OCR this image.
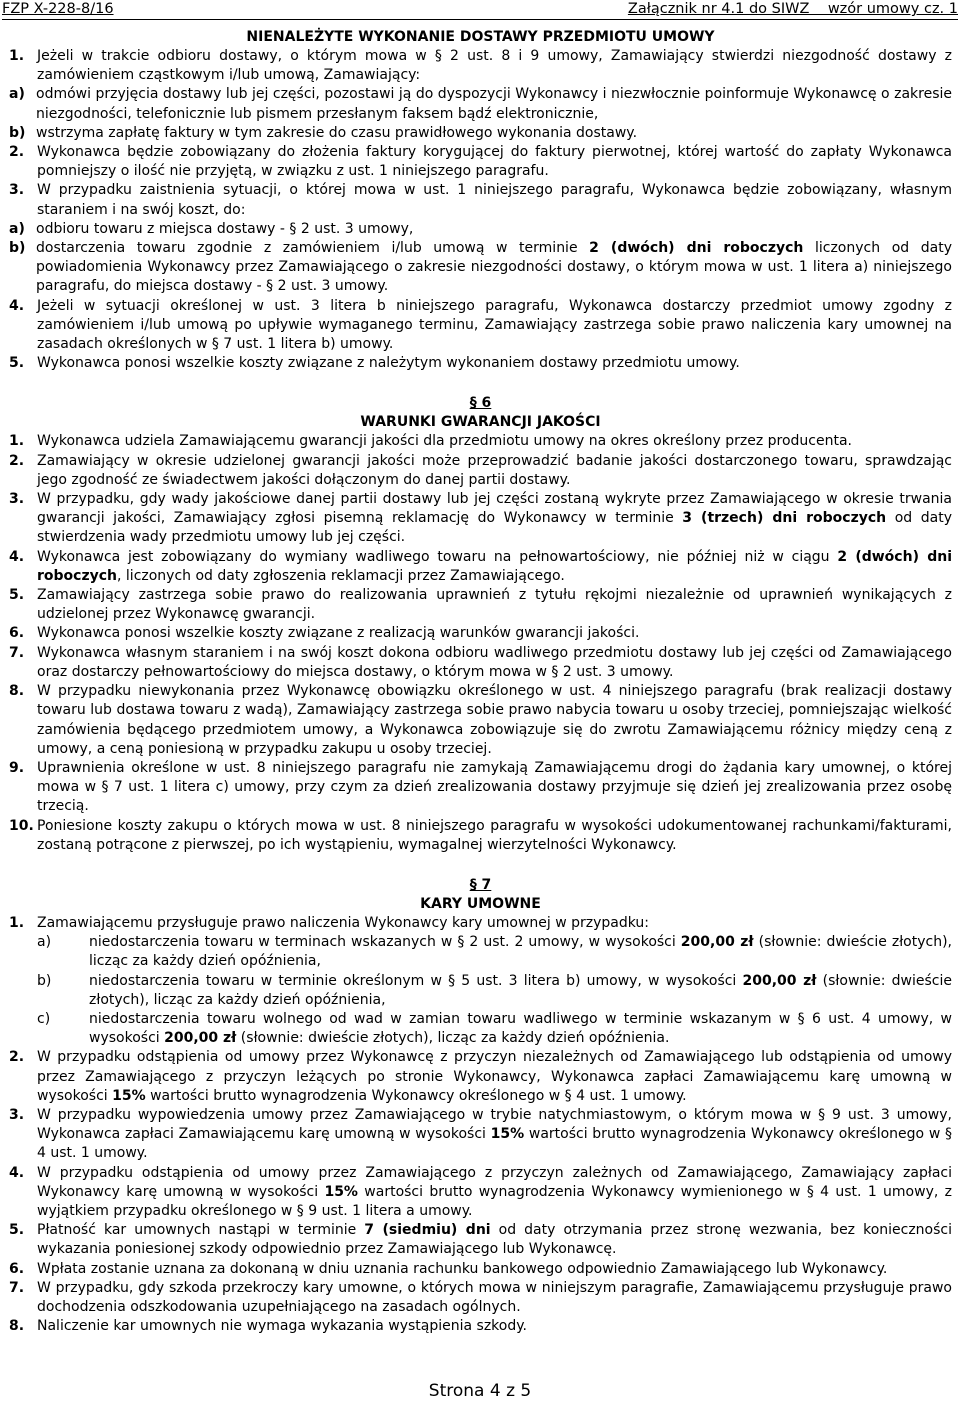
FZP X-228-8/16	Załącznik nr 4.1 do SIWZ    wzór umowy cz. 1
NIENALEŻYTE WYKONANIE DOSTAWY PRZEDMIOTU UMOWY
1. Jeżeli w trakcie odbioru dostawy, o którym mowa w § 2 ust. 8 i 9 umowy, Zamawiający stwierdzi niezgodność dostawy z zamówieniem cząstkowym i/lub umową, Zamawiający:
a) odmówi przyjęcia dostawy lub jej części, pozostawi ją do dyspozycji Wykonawcy i niezwłocznie poinformuje Wykonawcę o zakresie niezgodności, telefonicznie lub pismem przesłanym faksem bądź elektronicznie,
b) wstrzyma zapłatę faktury w tym zakresie do czasu prawidłowego wykonania dostawy.
2. Wykonawca będzie zobowiązany do złożenia faktury korygującej do faktury pierwotnej, której wartość do zapłaty Wykonawca pomniejszy o ilość nie przyjętą, w związku z ust. 1 niniejszego paragrafu.
3. W przypadku zaistnienia sytuacji, o której mowa w ust. 1 niniejszego paragrafu, Wykonawca będzie zobowiązany, własnym staraniem i na swój koszt, do:
a) odbioru towaru z miejsca dostawy - § 2 ust. 3 umowy,
b) dostarczenia towaru zgodnie z zamówieniem i/lub umową w terminie 2 (dwóch) dni roboczych liczonych od daty powiadomienia Wykonawcy przez Zamawiającego o zakresie niezgodności dostawy, o którym mowa w ust. 1 litera a) niniejszego paragrafu, do miejsca dostawy - § 2 ust. 3 umowy.
4. Jeżeli w sytuacji określonej w ust. 3 litera b niniejszego paragrafu, Wykonawca dostarczy przedmiot umowy zgodny z zamówieniem i/lub umową po upływie wymaganego terminu, Zamawiający zastrzega sobie prawo naliczenia kary umownej na zasadach określonych w § 7 ust. 1 litera b) umowy.
5. Wykonawca ponosi wszelkie koszty związane z należytym wykonaniem dostawy przedmiotu umowy.
§ 6
WARUNKI GWARANCJI JAKOŚCI
1. Wykonawca udziela Zamawiającemu gwarancji jakości dla przedmiotu umowy na okres określony przez producenta.
2. Zamawiający w okresie udzielonej gwarancji jakości może przeprowadzić badanie jakości dostarczonego towaru, sprawdzając jego zgodność ze świadectwem jakości dołączonym do danej partii dostawy.
3. W przypadku, gdy wady jakościowe danej partii dostawy lub jej części zostaną wykryte przez Zamawiającego w okresie trwania gwarancji jakości, Zamawiający zgłosi pisemną reklamację do Wykonawcy w terminie 3 (trzech) dni roboczych od daty stwierdzenia wady przedmiotu umowy lub jej części.
4. Wykonawca jest zobowiązany do wymiany wadliwego towaru na pełnowartościowy, nie później niż w ciągu 2 (dwóch) dni roboczych, liczonych od daty zgłoszenia reklamacji przez Zamawiającego.
5. Zamawiający zastrzega sobie prawo do realizowania uprawnień z tytułu rękojmi niezależnie od uprawnień wynikających z udzielonej przez Wykonawcę gwarancji.
6. Wykonawca ponosi wszelkie koszty związane z realizacją warunków gwarancji jakości.
7. Wykonawca własnym staraniem i na swój koszt dokona odbioru wadliwego przedmiotu dostawy lub jej części od Zamawiającego oraz dostarczy pełnowartościowy do miejsca dostawy, o którym mowa w § 2 ust. 3 umowy.
8. W przypadku niewykonania przez Wykonawcę obowiązku określonego w ust. 4 niniejszego paragrafu (brak realizacji dostawy towaru lub dostawa towaru z wadą), Zamawiający zastrzega sobie prawo nabycia towaru u osoby trzeciej, pomniejszając wielkość zamówienia będącego przedmiotem umowy, a Wykonawca zobowiązuje się do zwrotu Zamawiającemu różnicy między ceną z umowy, a ceną poniesioną w przypadku zakupu u osoby trzeciej.
9. Uprawnienia określone w ust. 8 niniejszego paragrafu nie zamykają Zamawiającemu drogi do żądania kary umownej, o której mowa w § 7 ust. 1 litera c) umowy, przy czym za dzień zrealizowania dostawy przyjmuje się dzień jej zrealizowania przez osobę trzecią.
10. Poniesione koszty zakupu o których mowa w ust. 8 niniejszego paragrafu w wysokości udokumentowanej rachunkami/fakturami, zostaną potrącone z pierwszej, po ich wystąpieniu, wymagalnej wierzytelności Wykonawcy.
§ 7
KARY UMOWNE
1. Zamawiającemu przysługuje prawo naliczenia Wykonawcy kary umownej w przypadku:
a)	niedostarczenia towaru w terminach wskazanych w § 2 ust. 2 umowy, w wysokości 200,00 zł (słownie: dwieście złotych), licząc za każdy dzień opóźnienia,
b)	niedostarczenia towaru w terminie określonym w § 5 ust. 3 litera b) umowy, w wysokości 200,00 zł (słownie: dwieście złotych), licząc za każdy dzień opóźnienia,
c)	niedostarczenia towaru wolnego od wad w zamian towaru wadliwego w terminie wskazanym w § 6 ust. 4 umowy, w wysokości 200,00 zł (słownie: dwieście złotych), licząc za każdy dzień opóźnienia.
2. W przypadku odstąpienia od umowy przez Wykonawcę z przyczyn niezależnych od Zamawiającego lub odstąpienia od umowy przez Zamawiającego z przyczyn leżących po stronie Wykonawcy, Wykonawca zapłaci Zamawiającemu karę umowną w wysokości 15% wartości brutto wynagrodzenia Wykonawcy określonego w § 4 ust. 1 umowy.
3. W przypadku wypowiedzenia umowy przez Zamawiającego w trybie natychmiastowym, o którym mowa w § 9 ust. 3 umowy, Wykonawca zapłaci Zamawiającemu karę umowną w wysokości 15% wartości brutto wynagrodzenia Wykonawcy określonego w § 4 ust. 1 umowy.
4. W przypadku odstąpienia od umowy przez Zamawiającego z przyczyn zależnych od Zamawiającego, Zamawiający zapłaci Wykonawcy karę umowną w wysokości 15% wartości brutto wynagrodzenia Wykonawcy wymienionego w § 4 ust. 1 umowy, z wyjątkiem przypadku określonego w § 9 ust. 1 litera a umowy.
5. Płatność kar umownych nastąpi w terminie 7 (siedmiu) dni od daty otrzymania przez stronę wezwania, bez konieczności wykazania poniesionej szkody odpowiednio przez Zamawiającego lub Wykonawcę.
6. Wpłata zostanie uznana za dokonaną w dniu uznania rachunku bankowego odpowiednio Zamawiającego lub Wykonawcy.
7. W przypadku, gdy szkoda przekroczy kary umowne, o których mowa w niniejszym paragrafie, Zamawiającemu przysługuje prawo dochodzenia odszkodowania uzupełniającego na zasadach ogólnych.
8. Naliczenie kar umownych nie wymaga wykazania wystąpienia szkody.
Strona 4 z 5
